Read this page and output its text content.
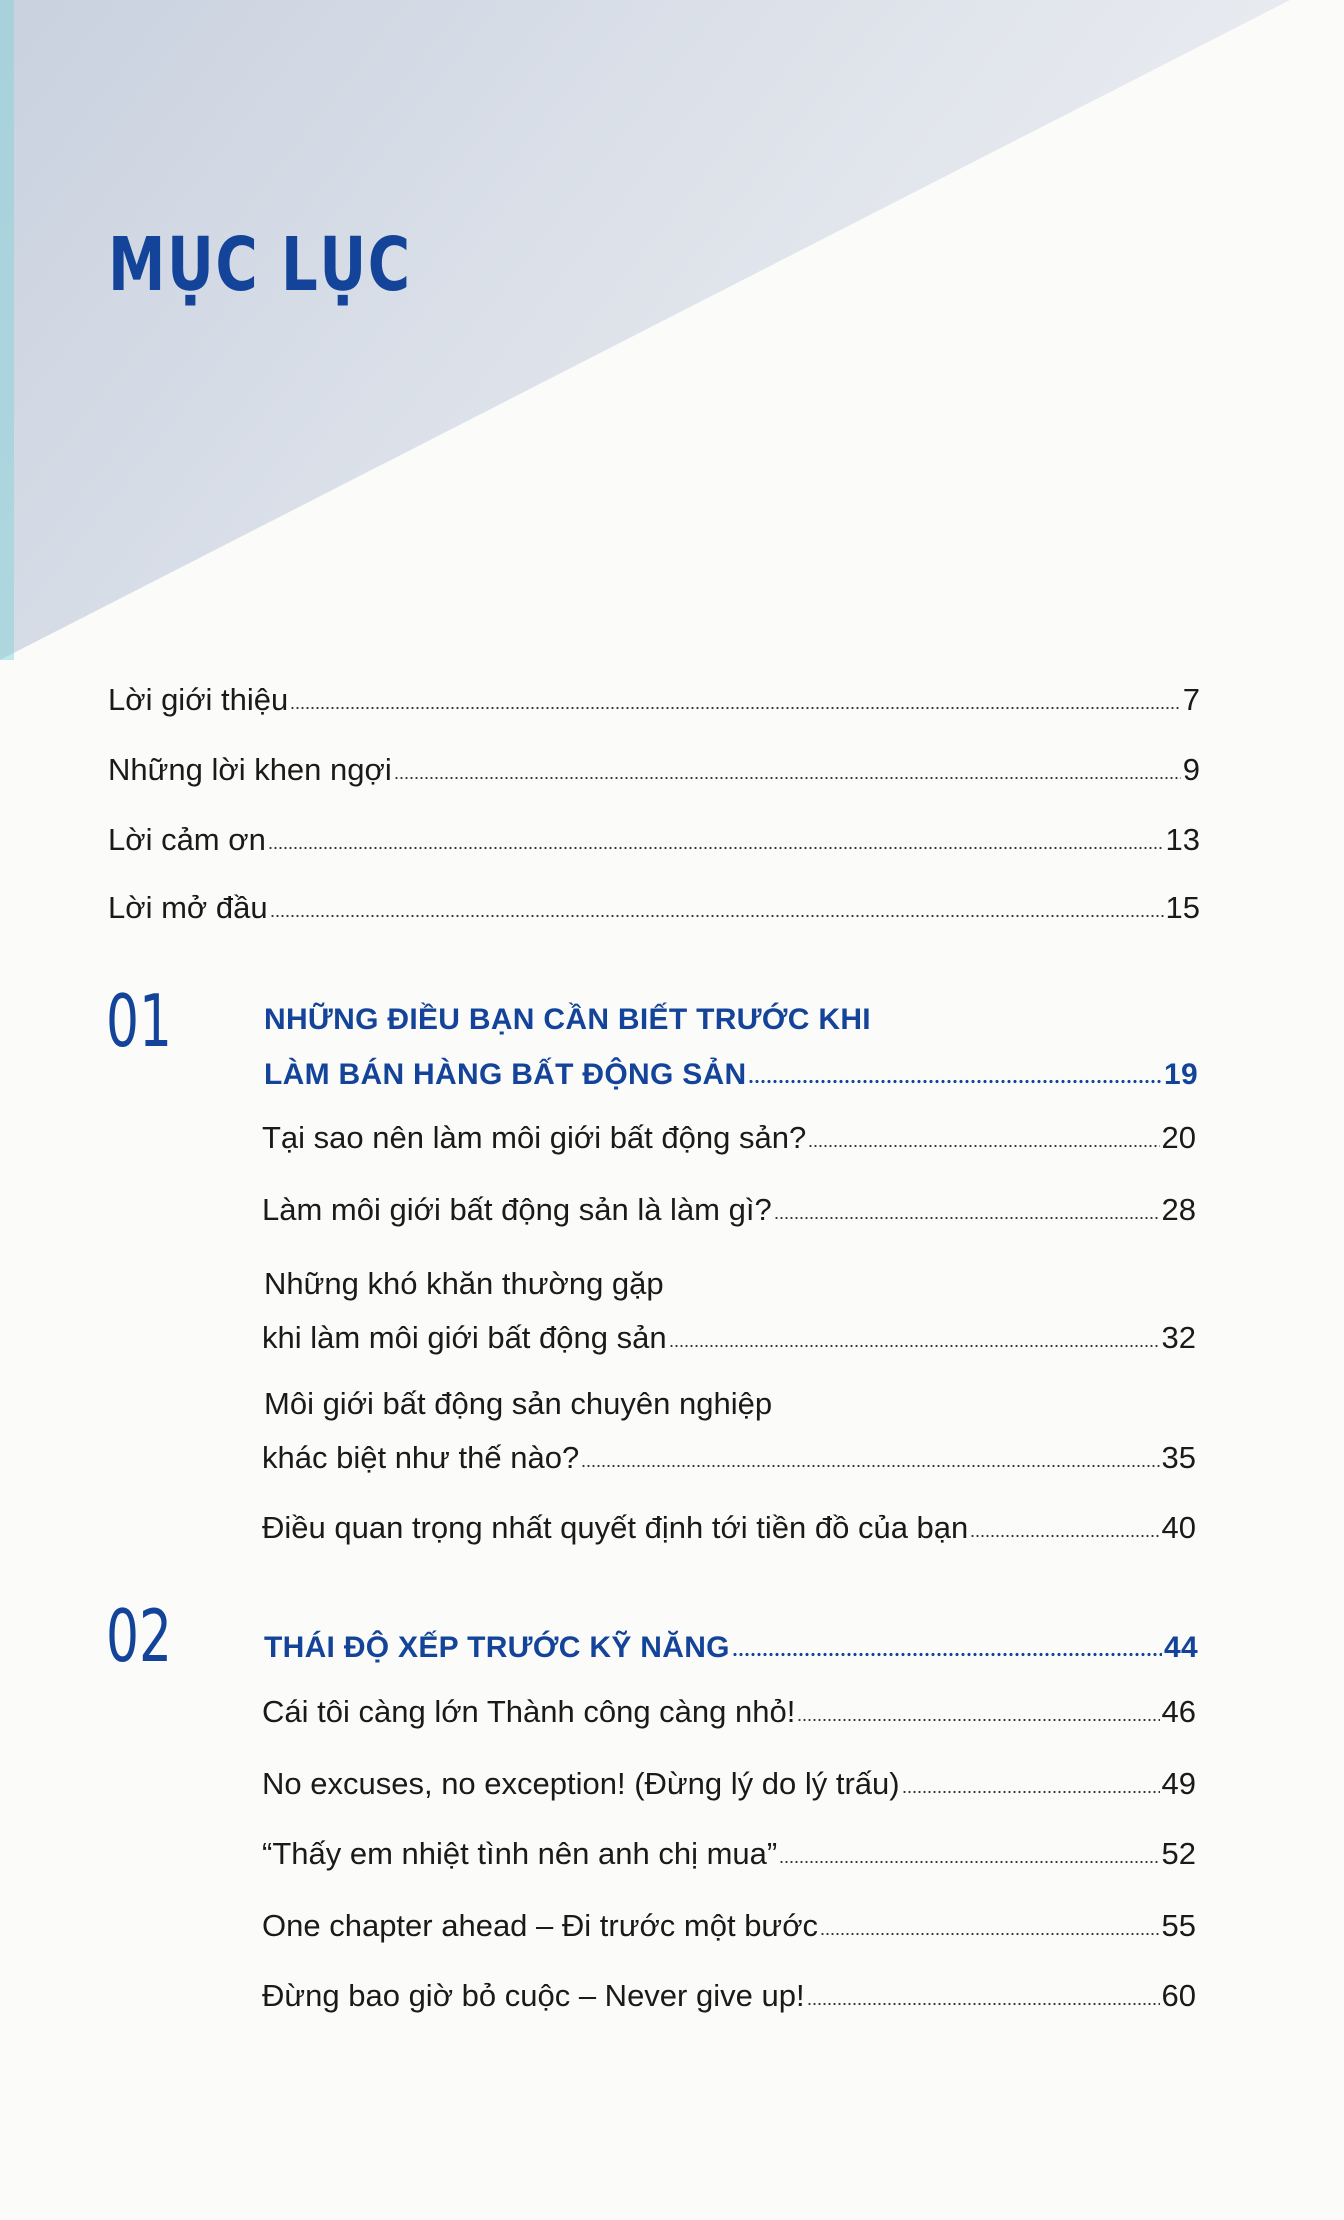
MỤC LỤC
Lời giới thiệu	7
Những lời khen ngợi	9
Lời cảm ơn	13
Lời mở đầu	15
01	NHỮNG ĐIỀU BẠN CẦN BIẾT TRƯỚC KHI
LÀM BÁN HÀNG BẤT ĐỘNG SẢN	19
Tại sao nên làm môi giới bất động sản?	20
Làm môi giới bất động sản là làm gì?	28
Những khó khăn thường gặp
khi làm môi giới bất động sản	32
Môi giới bất động sản chuyên nghiệp
khác biệt như thế nào?	35
Điều quan trọng nhất quyết định tới tiền đồ của bạn	40
02	THÁI ĐỘ XẾP TRƯỚC KỸ NĂNG	44
Cái tôi càng lớn Thành công càng nhỏ!	46
No excuses, no exception! (Đừng lý do lý trấu)	49
“Thấy em nhiệt tình nên anh chị mua”	52
One chapter ahead – Đi trước một bước	55
Đừng bao giờ bỏ cuộc – Never give up!	60
